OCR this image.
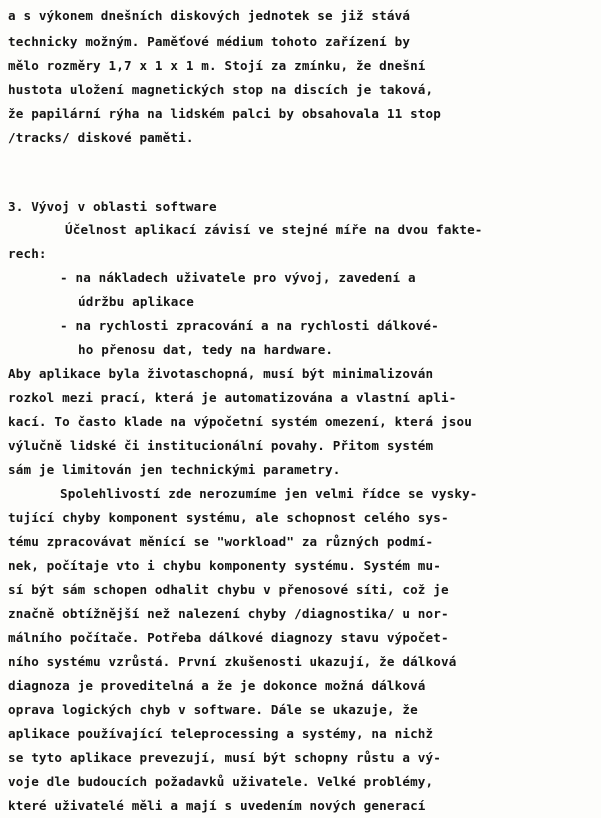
a s výkonem dnešních diskových jednotek se již stává
technicky možným. Paměťové médium tohoto zařízení by
mělo rozměry 1,7 x 1 x 1 m. Stojí za zmínku, že dnešní
hustota uložení magnetických stop na discích je taková,
že papilární rýha na lidském palci by obsahovala 11 stop
/tracks/ diskové paměti.
3. Vývoj v oblasti software
Účelnost aplikací závisí ve stejné míře na dvou fakte-
rech:
- na nákladech uživatele pro vývoj, zavedení a
údržbu aplikace
- na rychlosti zpracování a na rychlosti dálkové-
ho přenosu dat, tedy na hardware.
Aby aplikace byla životaschopná, musí být minimalizován
rozkol mezi prací, která je automatizována a vlastní apli-
kací. To často klade na výpočetní systém omezení, která jsou
výlučně lidské či institucionální povahy. Přitom systém
sám je limitován jen technickými parametry.
Spolehlivostí zde nerozumíme jen velmi řídce se vysky-
tující chyby komponent systému, ale schopnost celého sys-
tému zpracovávat měnící se "workload" za různých podmí-
nek, počítaje vto i chybu komponenty systému. Systém mu-
sí být sám schopen odhalit chybu v přenosové síti, což je
značně obtížnější než nalezení chyby /diagnostika/ u nor-
málního počítače. Potřeba dálkové diagnozy stavu výpočet-
ního systému vzrůstá. První zkušenosti ukazují, že dálková
diagnoza je proveditelná a že je dokonce možná dálková
oprava logických chyb v software. Dále se ukazuje, že
aplikace používající teleprocessing a systémy, na nichž
se tyto aplikace prevezují, musí být schopny růstu a vý-
voje dle budoucích požadavků uživatele. Velké problémy,
které uživatelé měli a mají s uvedením nových generací
